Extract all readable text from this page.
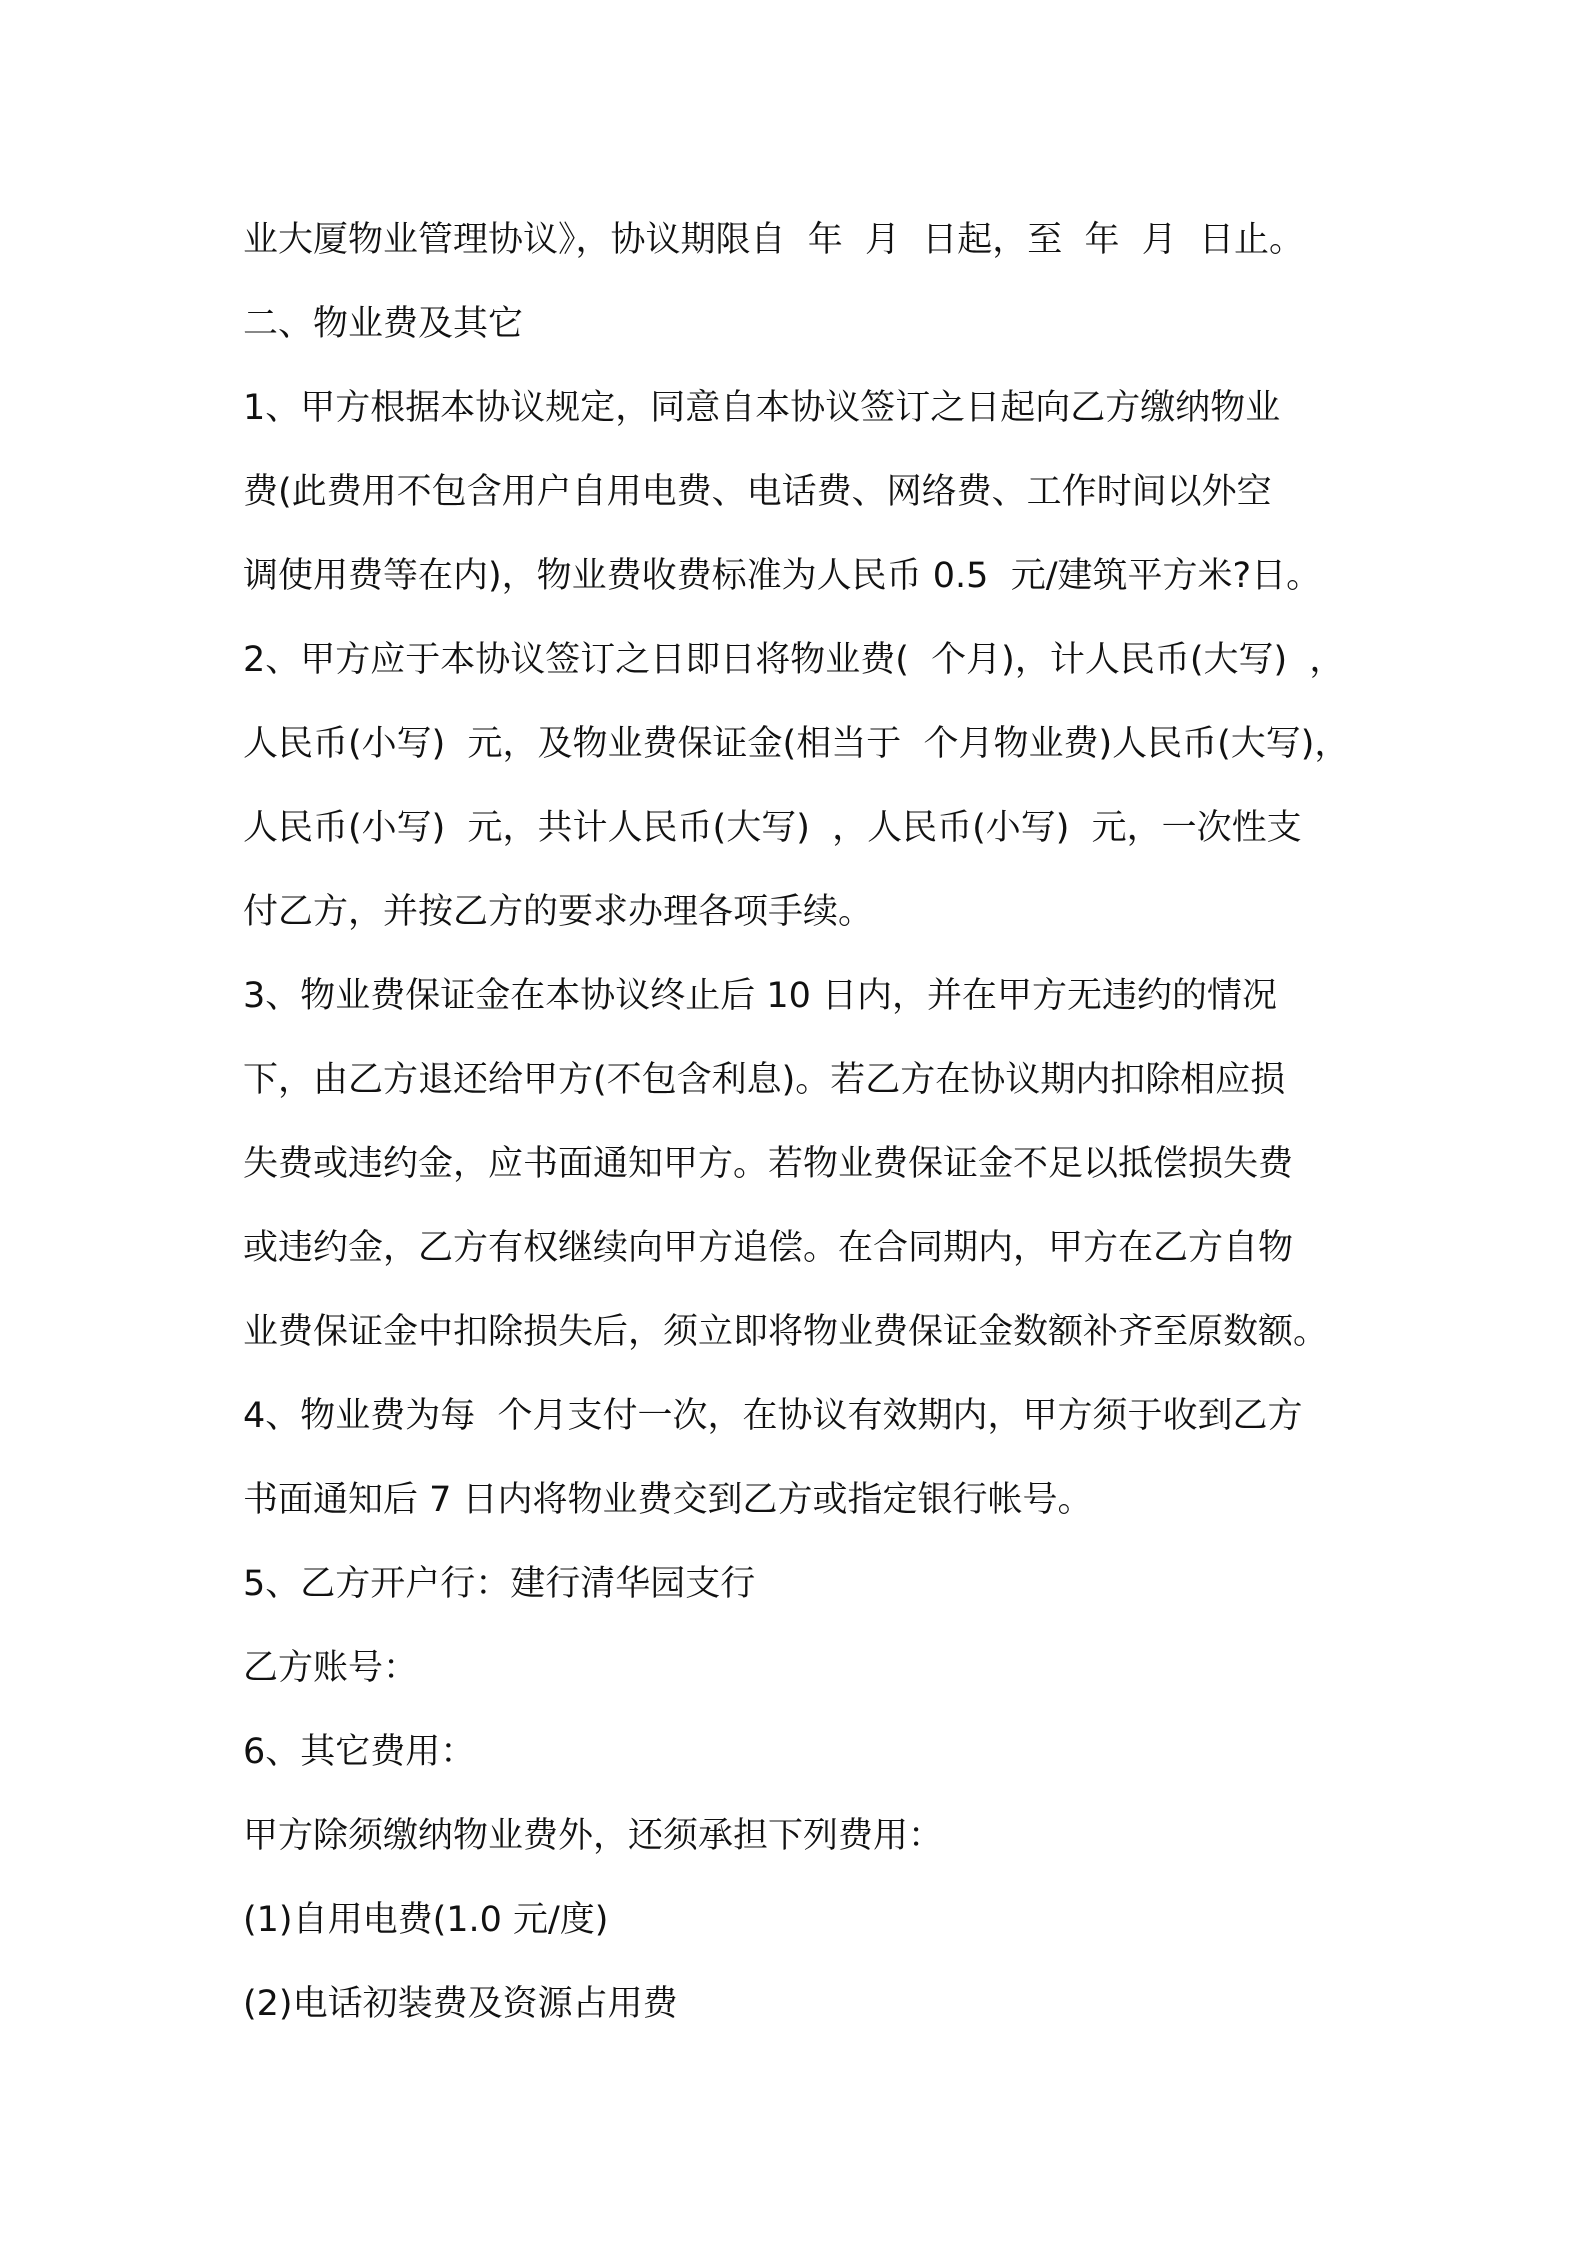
业大厦物业管理协议》，协议期限自  年  月  日起，至  年  月  日止。
二、物业费及其它
1、甲方根据本协议规定，同意自本协议签订之日起向乙方缴纳物业
费(此费用不包含用户自用电费、电话费、网络费、工作时间以外空
调使用费等在内)，物业费收费标准为人民币 0.5  元/建筑平方米?日。
2、甲方应于本协议签订之日即日将物业费(  个月)，计人民币(大写)  ，
人民币(小写)  元，及物业费保证金(相当于  个月物业费)人民币(大写)，
人民币(小写)  元，共计人民币(大写)  ，人民币(小写)  元，一次性支
付乙方，并按乙方的要求办理各项手续。
3、物业费保证金在本协议终止后 10 日内，并在甲方无违约的情况
下，由乙方退还给甲方(不包含利息)。若乙方在协议期内扣除相应损
失费或违约金，应书面通知甲方。若物业费保证金不足以抵偿损失费
或违约金，乙方有权继续向甲方追偿。在合同期内，甲方在乙方自物
业费保证金中扣除损失后，须立即将物业费保证金数额补齐至原数额。
4、物业费为每  个月支付一次，在协议有效期内，甲方须于收到乙方
书面通知后 7 日内将物业费交到乙方或指定银行帐号。
5、乙方开户行：建行清华园支行
乙方账号：
6、其它费用：
甲方除须缴纳物业费外，还须承担下列费用：
(1)自用电费(1.0 元/度)
(2)电话初装费及资源占用费
